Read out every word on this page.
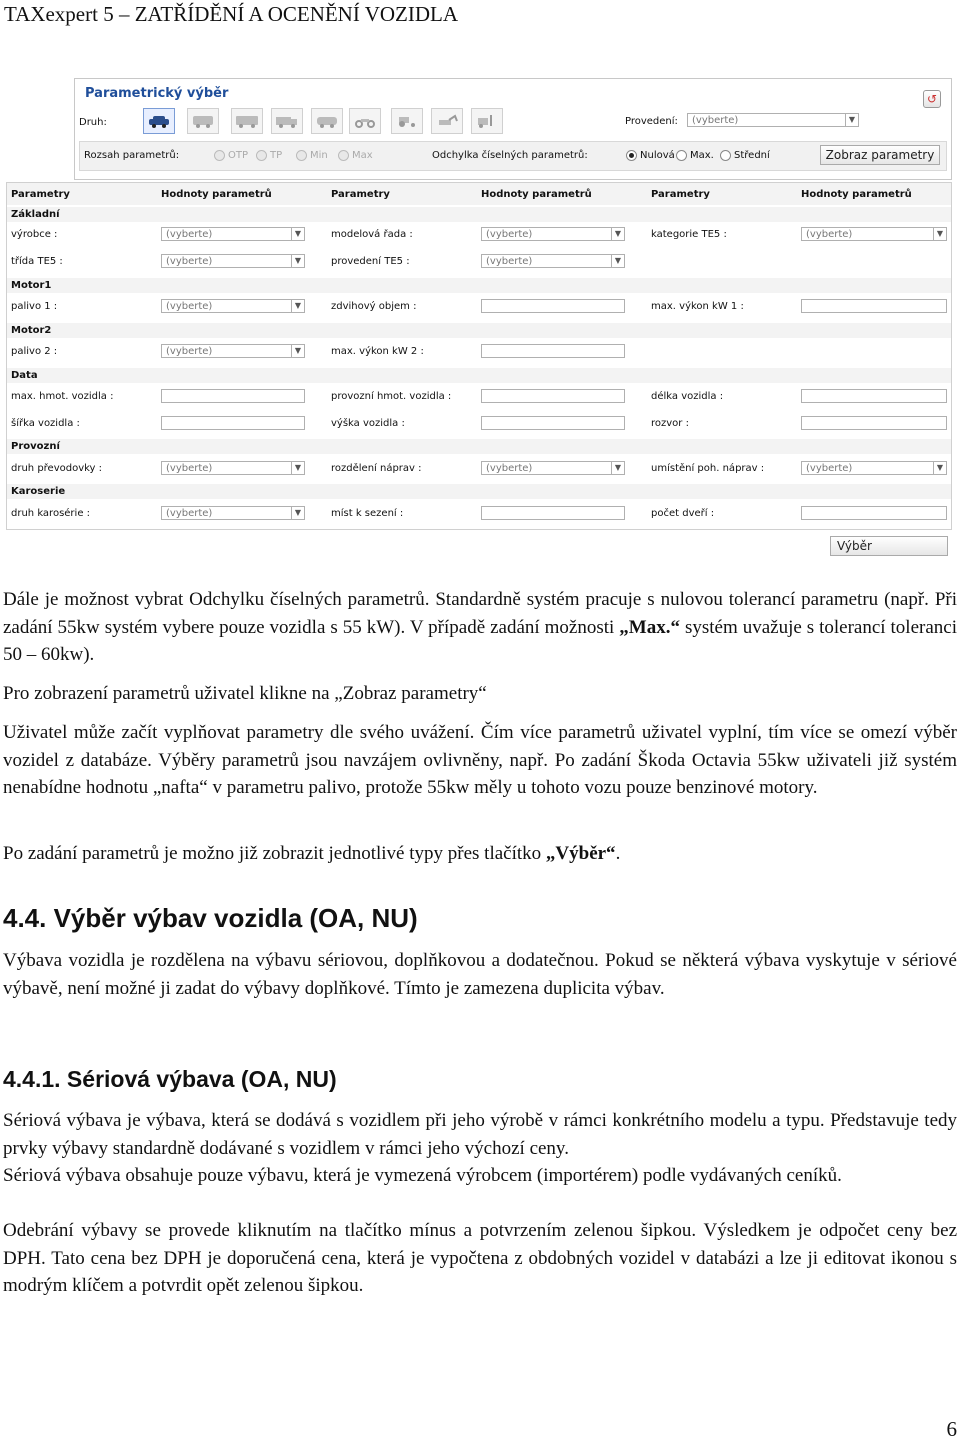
TAXexpert 5 – ZATŘÍDĚNÍ A OCENĚNÍ VOZIDLA
Parametrický výběr	↺
Druh:	Provedení:	(vyberte)	▼
Rozsah parametrů:	OTP TP	Min Max	Odchylka číselných parametrů:	Nulová Max. Střední	Zobraz parametry
Parametry	Hodnoty parametrů	Parametry	Hodnoty parametrů	Parametry	Hodnoty parametrů
Základní
výrobce :	(vyberte)	▼	modelová řada :	(vyberte)	▼	kategorie TE5 :	(vyberte)	▼
třída TE5 :	(vyberte)	▼	provedení TE5 :	(vyberte)	▼
Motor1
palivo 1 :	(vyberte)	▼	zdvihový objem :	max. výkon kW 1 :
Motor2
palivo 2 :	(vyberte)	▼	max. výkon kW 2 :
Data
max. hmot. vozidla :	provozní hmot. vozidla :	délka vozidla :
šířka vozidla :	výška vozidla :	rozvor :
Provozní
druh převodovky :	(vyberte)	▼	rozdělení náprav :	(vyberte)	▼	umístění poh. náprav :	(vyberte)	▼
Karoserie
druh karosérie :	(vyberte)	▼	míst k sezení :	počet dveří :
Výběr
Dále je možnost vybrat Odchylku číselných parametrů. Standardně systém pracuje s nulovou tolerancí parametru (např. Při zadání 55kw systém vybere pouze vozidla s 55 kW). V případě zadání možnosti „Max.“ systém uvažuje s tolerancí toleranci 50 – 60kw).
Pro zobrazení parametrů uživatel klikne na „Zobraz parametry“
Uživatel může začít vyplňovat parametry dle svého uvážení. Čím více parametrů uživatel vyplní, tím více se omezí výběr vozidel z databáze. Výběry parametrů jsou navzájem ovlivněny, např. Po zadání Škoda Octavia 55kw uživateli již systém nenabídne hodnotu „nafta“ v parametru palivo, protože 55kw měly u tohoto vozu pouze benzinové motory.
Po zadání parametrů je možno již zobrazit jednotlivé typy přes tlačítko „Výběr“.
4.4. Výběr výbav vozidla (OA, NU)
Výbava vozidla je rozdělena na výbavu sériovou, doplňkovou a dodatečnou. Pokud se některá výbava vyskytuje v sériové výbavě, není možné ji zadat do výbavy doplňkové. Tímto je zamezena duplicita výbav.
4.4.1. Sériová výbava (OA, NU)
Sériová výbava je výbava, která se dodává s vozidlem při jeho výrobě v rámci konkrétního modelu a typu. Představuje tedy prvky výbavy standardně dodávané s vozidlem v rámci jeho výchozí ceny.
Sériová výbava obsahuje pouze výbavu, která je vymezená výrobcem (importérem) podle vydávaných ceníků.
Odebrání výbavy se provede kliknutím na tlačítko mínus a potvrzením zelenou šipkou. Výsledkem je odpočet ceny bez DPH. Tato cena bez DPH je doporučená cena, která je vypočtena z obdobných vozidel v databázi a lze ji editovat ikonou s modrým klíčem a potvrdit opět zelenou šipkou.
6
